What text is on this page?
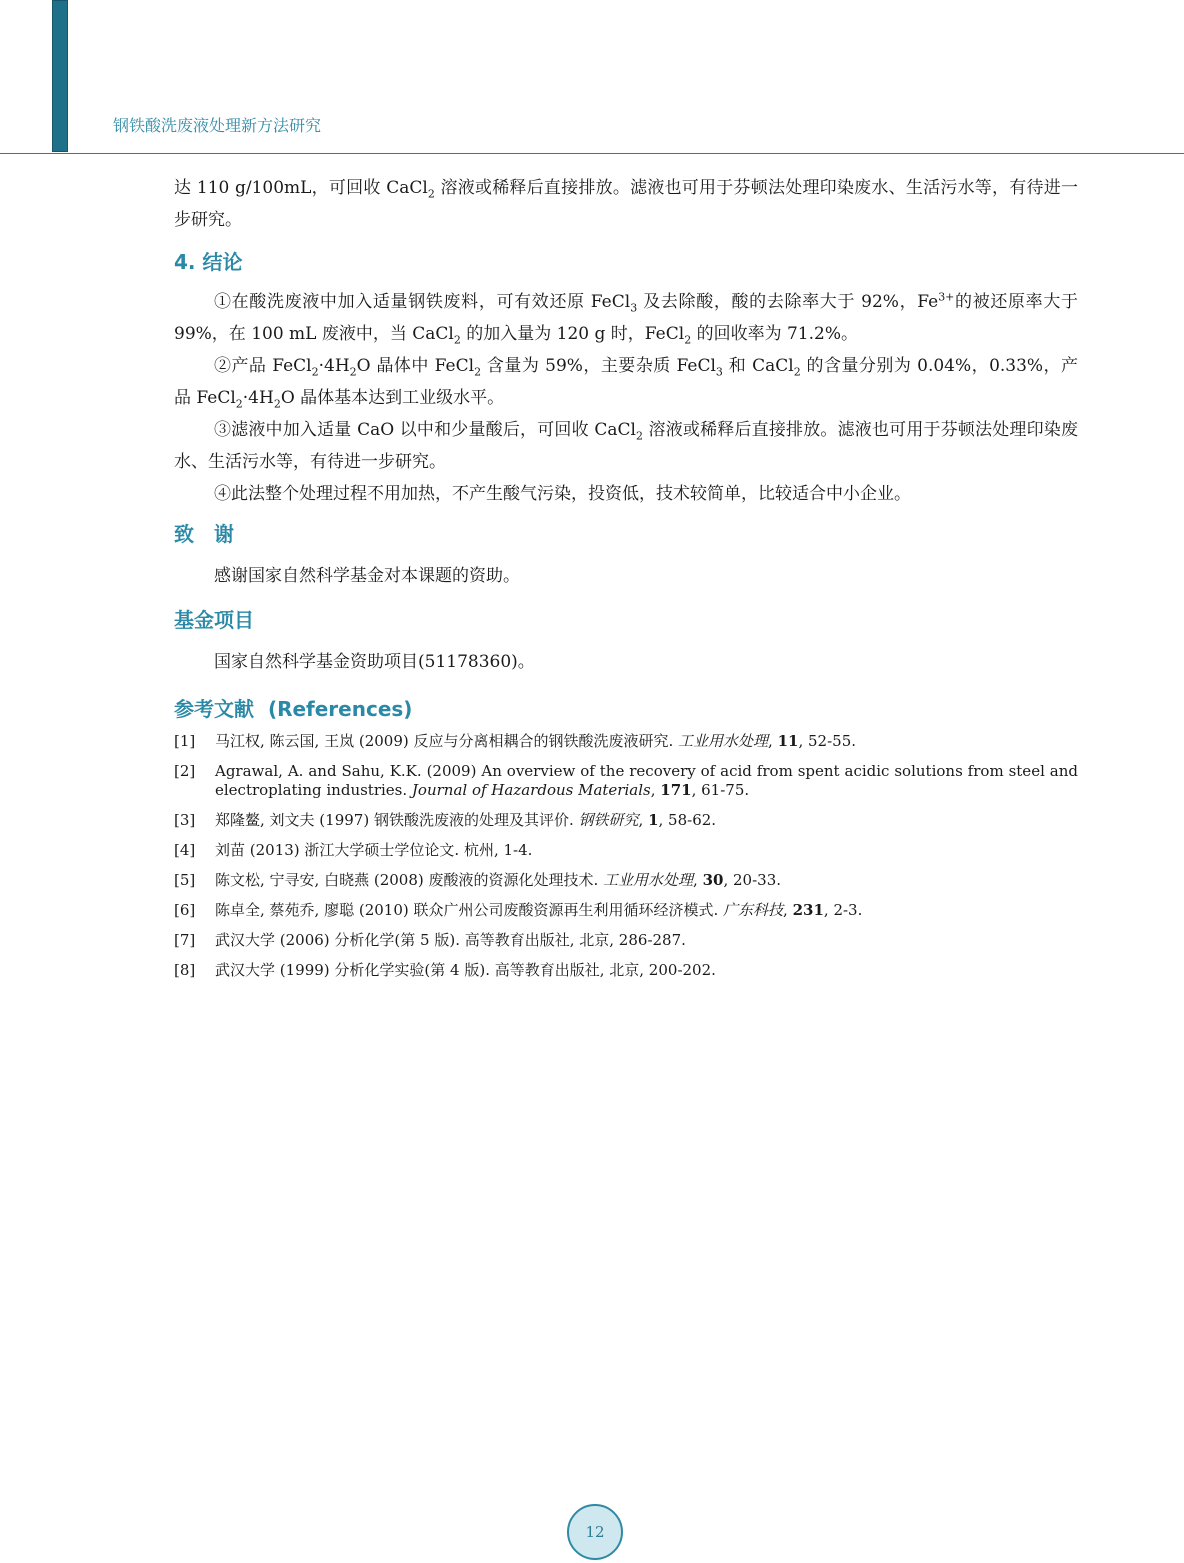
钢铁酸洗废液处理新方法研究

达 110 g/100mL，可回收 CaCl$_2$ 溶液或稀释后直接排放。滤液也可用于芬顿法处理印染废水、生活污水等，有待进一步研究。

4. 结论

①在酸洗废液中加入适量钢铁废料，可有效还原 FeCl$_3$ 及去除酸，酸的去除率大于 92%，$Fe^{3+}$的被还原率大于 99%，在 100 mL 废液中，当 CaCl$_2$ 的加入量为 120 g 时，FeCl$_2$ 的回收率为 71.2%。

②产品 $FeCl_2\cdot 4H_2O$ 晶体中 FeCl$_2$ 含量为 59%，主要杂质 FeCl$_3$ 和 CaCl$_2$ 的含量分别为 0.04%，0.33%，产品 $FeCl_2\cdot 4H_2O$ 晶体基本达到工业级水平。

③滤液中加入适量 CaO 以中和少量酸后，可回收 CaCl$_2$ 溶液或稀释后直接排放。滤液也可用于芬顿法处理印染废水、生活污水等，有待进一步研究。

④此法整个处理过程不用加热，不产生酸气污染，投资低，技术较简单，比较适合中小企业。

致 谢

感谢国家自然科学基金对本课题的资助。

基金项目

国家自然科学基金资助项目(51178360)。

参考文献 (References)
[1]	马江权, 陈云国, 王岚 (2009) 反应与分离相耦合的钢铁酸洗废液研究. 工业用水处理, 11, 52-55.
[2]	Agrawal, A. and Sahu, K.K. (2009) An overview of the recovery of acid from spent acidic solutions from steel and electroplating industries. Journal of Hazardous Materials, 171, 61-75.
[3]	郑隆鳌, 刘文夫 (1997) 钢铁酸洗废液的处理及其评价. 钢铁研究, 1, 58-62.
[4]	刘苗 (2013) 浙江大学硕士学位论文. 杭州, 1-4.
[5]	陈文松, 宁寻安, 白晓燕 (2008) 废酸液的资源化处理技术. 工业用水处理, 30, 20-33.
[6]	陈卓全, 蔡苑乔, 廖聪 (2010) 联众广州公司废酸资源再生利用循环经济模式. 广东科技, 231, 2-3.
[7]	武汉大学 (2006) 分析化学(第 5 版). 高等教育出版社, 北京, 286-287.
[8]	武汉大学 (1999) 分析化学实验(第 4 版). 高等教育出版社, 北京, 200-202.
12
